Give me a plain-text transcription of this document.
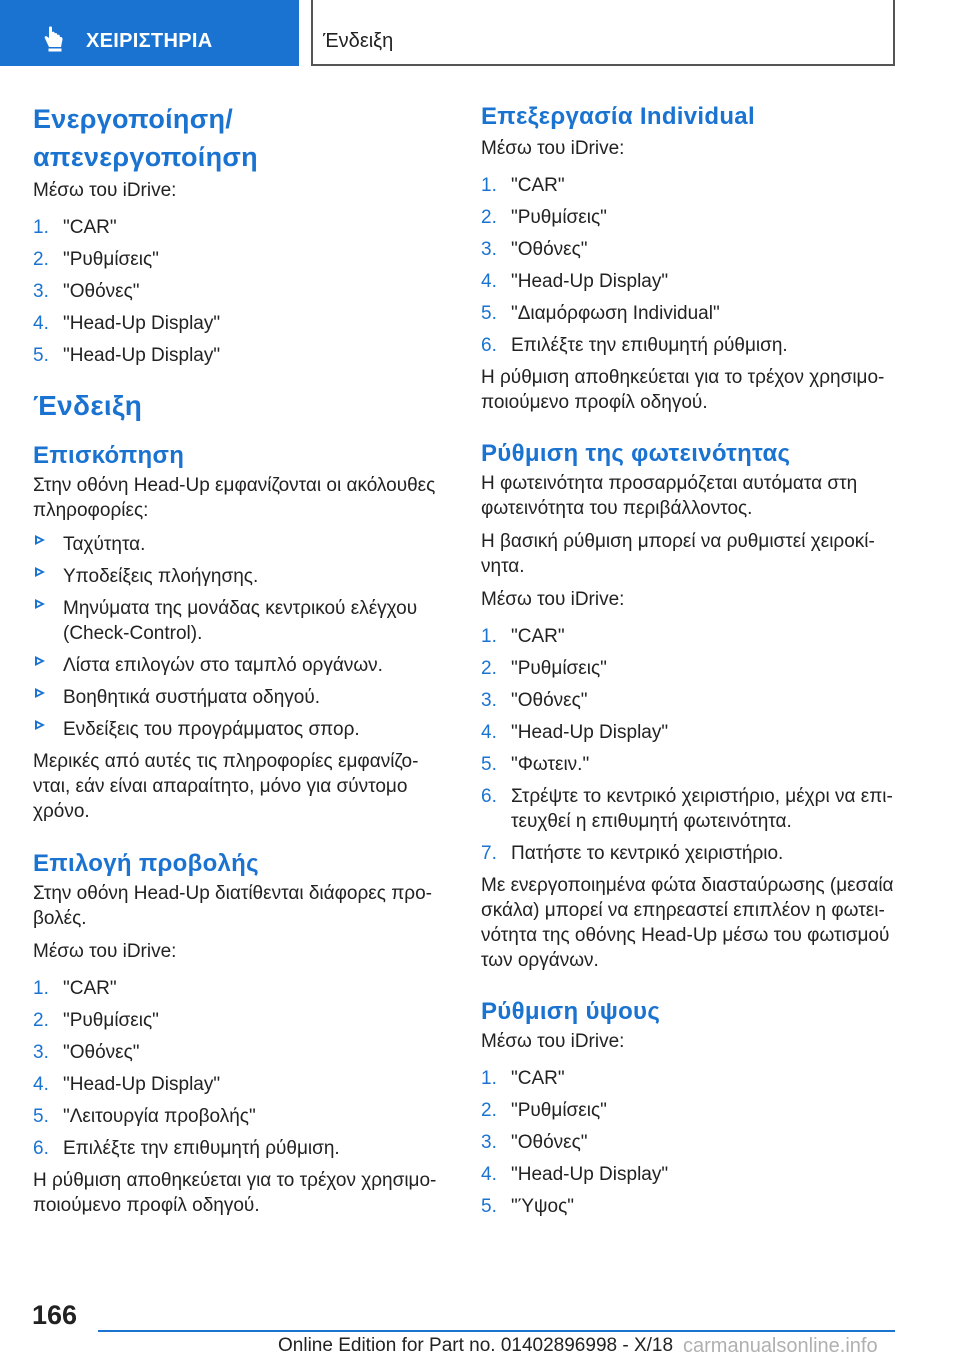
ΧΕΙΡΙΣΤΗΡΙΑ	Ένδειξη
Ενεργοποίηση/απενεργοποίηση
Μέσω του iDrive:
1. "CAR"
2. "Ρυθμίσεις"
3. "Οθόνες"
4. "Head-Up Display"
5. "Head-Up Display"
Ένδειξη
Επισκόπηση
Στην οθόνη Head-Up εμφανίζονται οι ακόλουθες
πληροφορίες:
Ταχύτητα.
Υποδείξεις πλοήγησης.
Μηνύματα της μονάδας κεντρικού ελέγχου
(Check-Control).
Λίστα επιλογών στο ταμπλό οργάνων.
Βοηθητικά συστήματα οδηγού.
Ενδείξεις του προγράμματος σπορ.
Μερικές από αυτές τις πληροφορίες εμφανίζο-
νται, εάν είναι απαραίτητο, μόνο για σύντομο
χρόνο.
Επιλογή προβολής
Στην οθόνη Head-Up διατίθενται διάφορες προ-
βολές.
Μέσω του iDrive:
1. "CAR"
2. "Ρυθμίσεις"
3. "Οθόνες"
4. "Head-Up Display"
5. "Λειτουργία προβολής"
6. Επιλέξτε την επιθυμητή ρύθμιση.
Η ρύθμιση αποθηκεύεται για το τρέχον χρησιμο-
ποιούμενο προφίλ οδηγού.
Επεξεργασία Individual
Μέσω του iDrive:
1. "CAR"
2. "Ρυθμίσεις"
3. "Οθόνες"
4. "Head-Up Display"
5. "Διαμόρφωση Individual"
6. Επιλέξτε την επιθυμητή ρύθμιση.
Η ρύθμιση αποθηκεύεται για το τρέχον χρησιμο-
ποιούμενο προφίλ οδηγού.
Ρύθμιση της φωτεινότητας
Η φωτεινότητα προσαρμόζεται αυτόματα στη
φωτεινότητα του περιβάλλοντος.
Η βασική ρύθμιση μπορεί να ρυθμιστεί χειροκί-
νητα.
Μέσω του iDrive:
1. "CAR"
2. "Ρυθμίσεις"
3. "Οθόνες"
4. "Head-Up Display"
5. "Φωτειν."
6. Στρέψτε το κεντρικό χειριστήριο, μέχρι να επι-
τευχθεί η επιθυμητή φωτεινότητα.
7. Πατήστε το κεντρικό χειριστήριο.
Με ενεργοποιημένα φώτα διασταύρωσης (μεσαία
σκάλα) μπορεί να επηρεαστεί επιπλέον η φωτει-
νότητα της οθόνης Head-Up μέσω του φωτισμού
των οργάνων.
Ρύθμιση ύψους
Μέσω του iDrive:
1. "CAR"
2. "Ρυθμίσεις"
3. "Οθόνες"
4. "Head-Up Display"
5. "Ύψος"
166
Online Edition for Part no. 01402896998 - X/18 carmanualsonline.info
